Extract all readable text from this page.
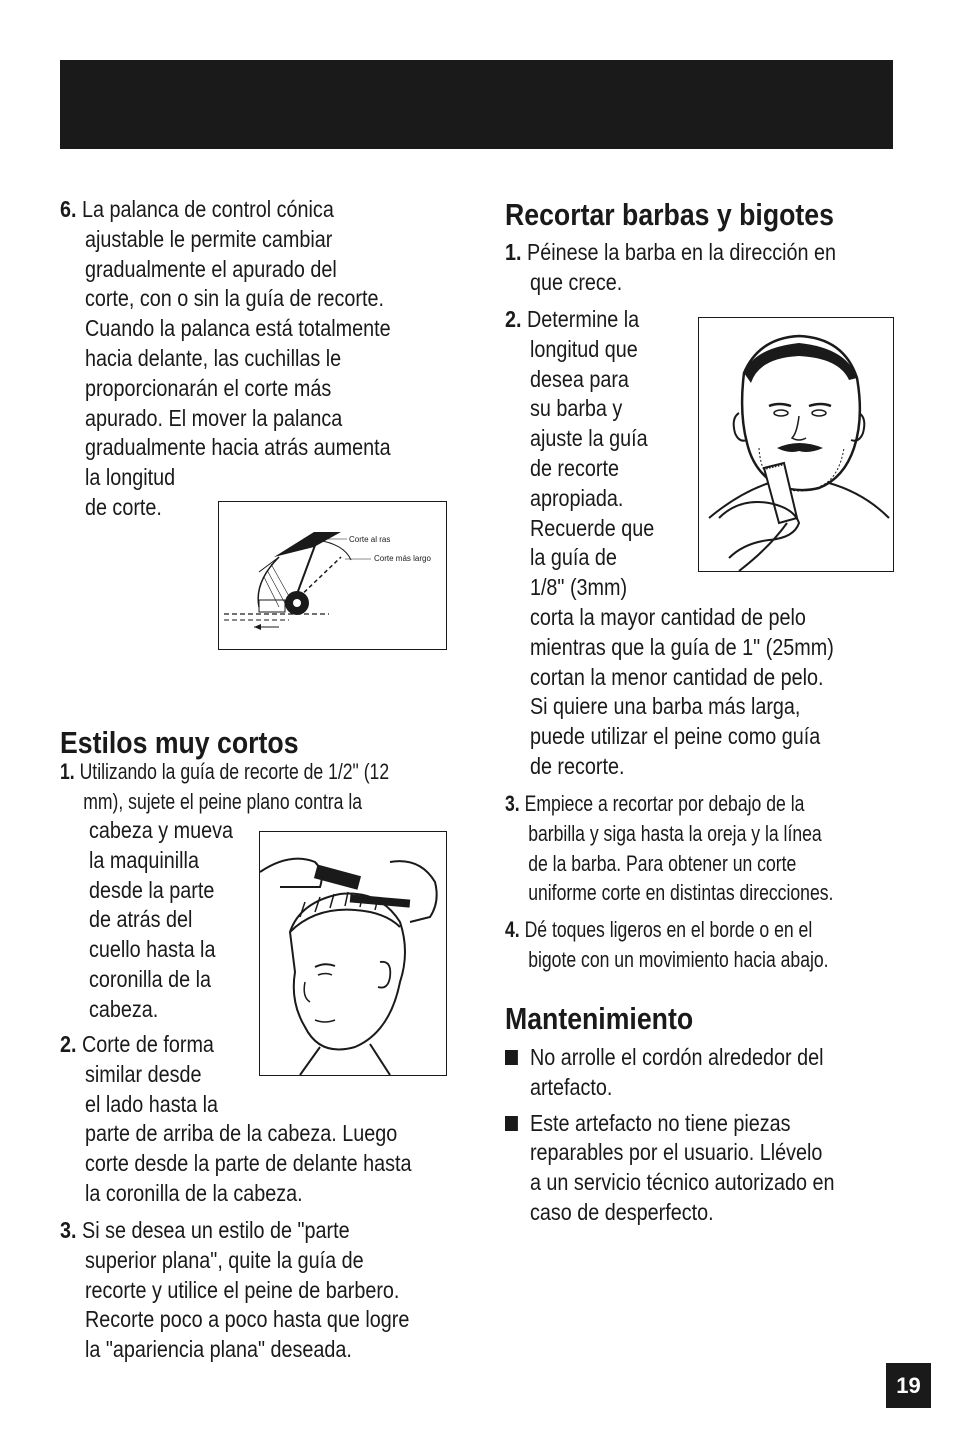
6. La palanca de control cónica
ajustable le permite cambiar
gradualmente el apurado del
corte, con o sin la guía de recorte.
Cuando la palanca está totalmente
hacia delante, las cuchillas le
proporcionarán el corte más
apurado. El mover la palanca
gradualmente hacia atrás aumenta
la longitud
de corte.
Estilos muy cortos
1. Utilizando la guía de recorte de 1/2" (12
mm), sujete el peine plano contra la
cabeza y mueva
la maquinilla
desde la parte
de atrás del
cuello hasta la
coronilla de la
cabeza.
2. Corte de forma
similar desde
el lado hasta la
parte de arriba de la cabeza. Luego
corte desde la parte de delante hasta
la coronilla de la cabeza.
3. Si se desea un estilo de "parte
superior plana", quite la guía de
recorte y utilice el peine de barbero.
Recorte poco a poco hasta que logre
la "apariencia plana" deseada.
Corte al ras
Corte más largo
Recortar barbas y bigotes
1. Péinese la barba en la dirección en
que crece.
2. Determine la
longitud que
desea para
su barba y
ajuste la guía
de recorte
apropiada.
Recuerde que
la guía de
1/8" (3mm)
corta la mayor cantidad de pelo
mientras que la guía de 1" (25mm)
cortan la menor cantidad de pelo.
Si quiere una barba más larga,
puede utilizar el peine como guía
de recorte.
3. Empiece a recortar por debajo de la
barbilla y siga hasta la oreja y la línea
de la barba. Para obtener un corte
uniforme corte en distintas direcciones.
4. Dé toques ligeros en el borde o en el
bigote con un movimiento hacia abajo.
Mantenimiento
No arrolle el cordón alrededor del
artefacto.
Este artefacto no tiene piezas
reparables por el usuario. Llévelo
a un servicio técnico autorizado en
caso de desperfecto.
19
